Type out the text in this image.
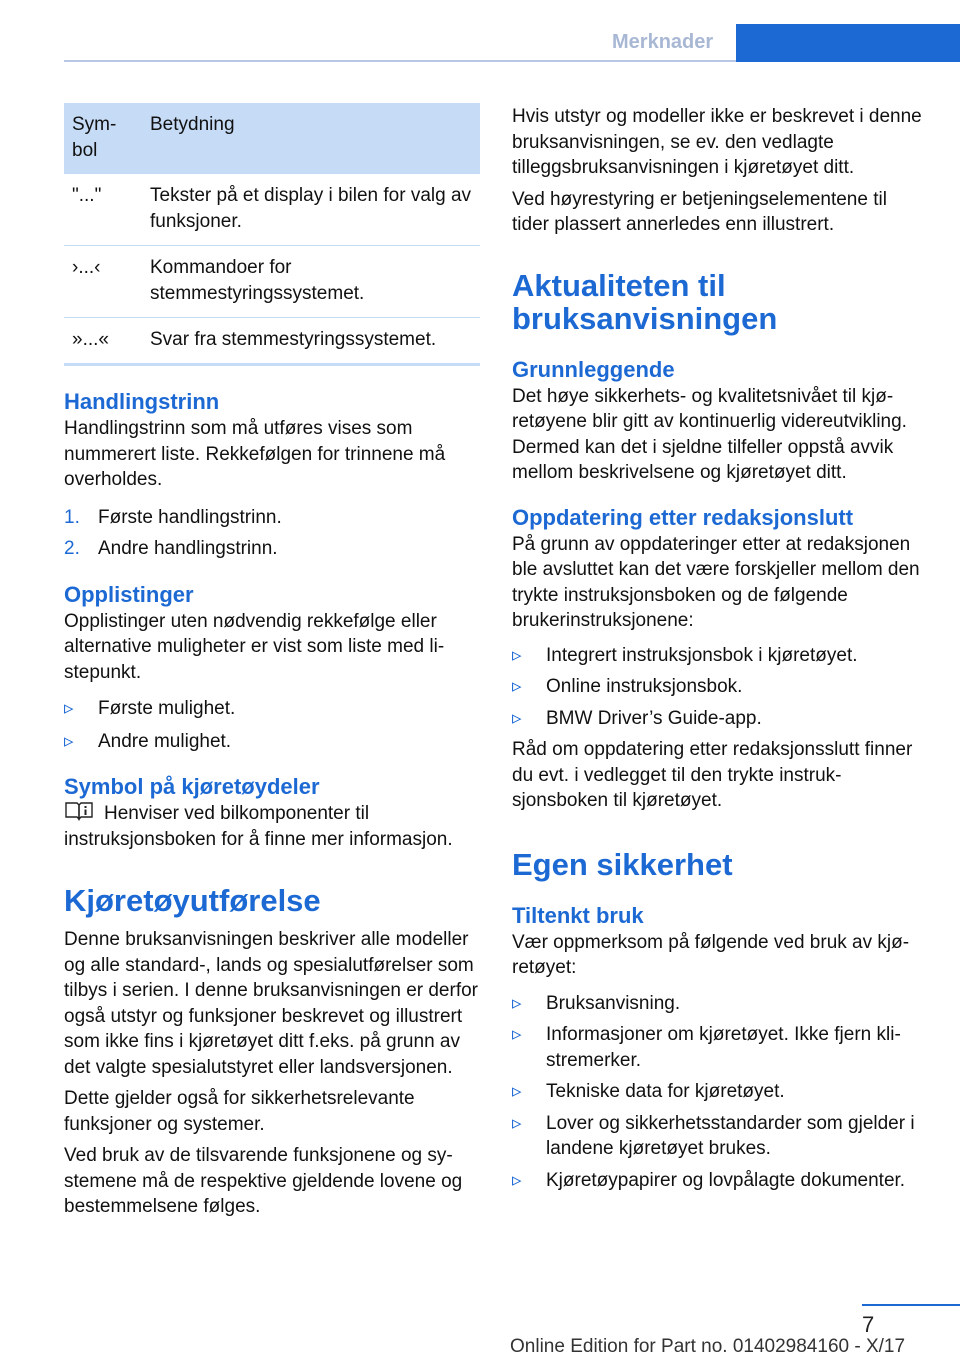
Merknader
Sym-
bol	Betydning
"..."	Tekster på et display i bilen for valg av funksjoner.
›...‹	Kommandoer for stemmestyringssystemet.
»...«	Svar fra stemmestyringssystemet.
Handlingstrinn

Handlingstrinn som må utføres vises som nummerert liste. Rekkefølgen for trinnene må overholdes.

1. Første handlingstrinn.
2. Andre handlingstrinn.
Opplistinger

Opplistinger uten nødvendig rekkefølge eller alternative muligheter er vist som liste med listepunkt.

▹ Første mulighet.
▹ Andre mulighet.
Symbol på kjøretøydeler

Henviser ved bilkomponenter til instruksjonsboken for å finne mer informasjon.

Kjøretøyutførelse

Denne bruksanvisningen beskriver alle modeller og alle standard-, lands og spesialutførelser som tilbys i serien. I denne bruksanvisningen er derfor også utstyr og funksjoner beskrevet og illustrert som ikke fins i kjøretøyet ditt f.eks. på grunn av det valgte spesialutstyret eller landsversjonen.

Dette gjelder også for sikkerhetsrelevante funksjoner og systemer.

Ved bruk av de tilsvarende funksjonene og systemene må de respektive gjeldende lovene og bestemmelsene følges.

Hvis utstyr og modeller ikke er beskrevet i denne bruksanvisningen, se ev. den vedlagte tilleggsbruksanvisningen i kjøretøyet ditt.

Ved høyrestyring er betjeningselementene til tider plassert annerledes enn illustrert.

Aktualiteten til bruksanvisningen
Grunnleggende

Det høye sikkerhets- og kvalitetsnivået til kjøretøyene blir gitt av kontinuerlig videreutvikling. Dermed kan det i sjeldne tilfeller oppstå avvik mellom beskrivelsene og kjøretøyet ditt.

Oppdatering etter redaksjonslutt

På grunn av oppdateringer etter at redaksjonen ble avsluttet kan det være forskjeller mellom den trykte instruksjonsboken og de følgende brukerinstruksjonene:

▹ Integrert instruksjonsbok i kjøretøyet.
▹ Online instruksjonsbok.
▹ BMW Driver’s Guide-app.

Råd om oppdatering etter redaksjonsslutt finner du evt. i vedlegget til den trykte instruksjonsboken til kjøretøyet.

Egen sikkerhet
Tiltenkt bruk

Vær oppmerksom på følgende ved bruk av kjøretøyet:

▹ Bruksanvisning.
▹ Informasjoner om kjøretøyet. Ikke fjern klistremerker.
▹ Tekniske data for kjøretøyet.
▹ Lover og sikkerhetsstandarder som gjelder i landene kjøretøyet brukes.
▹ Kjøretøypapirer og lovpålagte dokumenter.
7
Online Edition for Part no. 01402984160 - X/17
